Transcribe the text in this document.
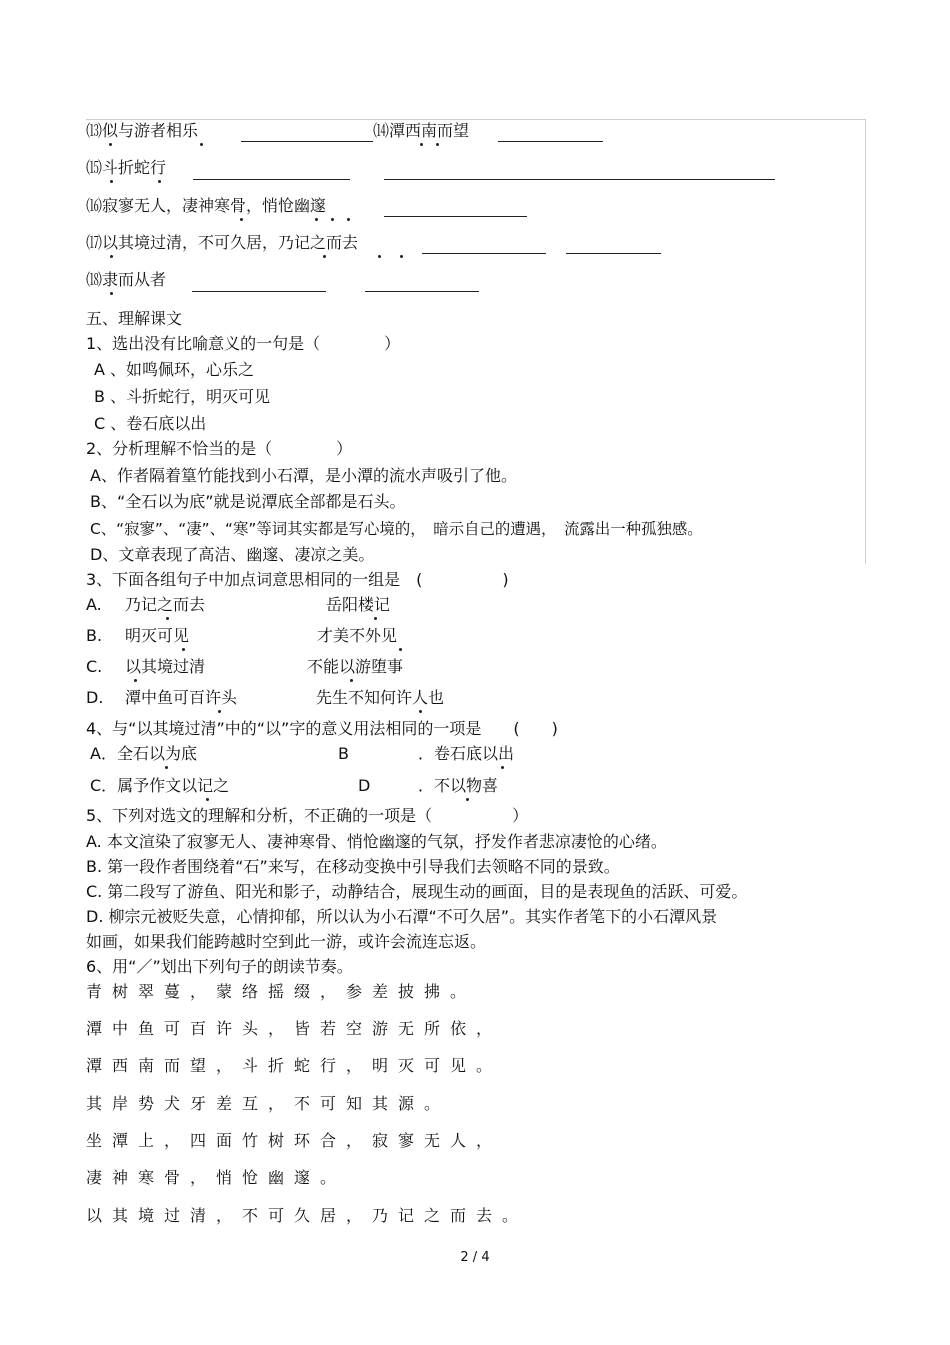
⒀似与游者相乐	⒁潭西南而望
⒂斗折蛇行
⒃寂寥无人，凄神寒骨，悄怆幽邃
⒄以其境过清，不可久居，乃记之而去
⒅隶而从者
五、理解课文
1、选出没有比喻意义的一句是（　　　　）
A 、如鸣佩环，心乐之
B 、斗折蛇行，明灭可见
C 、卷石底以出
2、分析理解不恰当的是（　　　　）
A、作者隔着篁竹能找到小石潭，是小潭的流水声吸引了他。
B、“全石以为底”就是说潭底全部都是石头。
C、“寂寥”、“凄”、“寒”等词其实都是写心境的，　暗示自己的遭遇，　流露出一种孤独感。
D、文章表现了高洁、幽邃、凄凉之美。
3、下面各组句子中加点词意思相同的一组是　(　　　　　)
A. 乃记之而去	岳阳楼记
B. 明灭可见	才美不外见
C. 以其境过清	不能以游堕事
D. 潭中鱼可百许头	先生不知何许人也
4、与“以其境过清”中的“以”字的意义用法相同的一项是　　(　　)
A．全石以为底	B	．卷石底以出
C．属予作文以记之	D	．不以物喜
5、下列对选文的理解和分析，不正确的一项是（　　　　　）
A. 本文渲染了寂寥无人、凄神寒骨、悄怆幽邃的气氛，抒发作者悲凉凄怆的心绪。
B. 第一段作者围绕着“石”来写，在移动变换中引导我们去领略不同的景致。
C. 第二段写了游鱼、阳光和影子，动静结合，展现生动的画面，目的是表现鱼的活跃、可爱。
D. 柳宗元被贬失意，心情抑郁，所以认为小石潭“不可久居”。其实作者笔下的小石潭风景
如画，如果我们能跨越时空到此一游，或许会流连忘返。
6、用“／”划出下列句子的朗读节奏。
青树翠蔓，蒙络摇缀，参差披拂。
潭中鱼可百许头，皆若空游无所依，
潭西南而望，斗折蛇行，明灭可见。
其岸势犬牙差互，不可知其源。
坐潭上，四面竹树环合，寂寥无人，
凄神寒骨，悄怆幽邃。
以其境过清，不可久居，乃记之而去。
2 / 4
